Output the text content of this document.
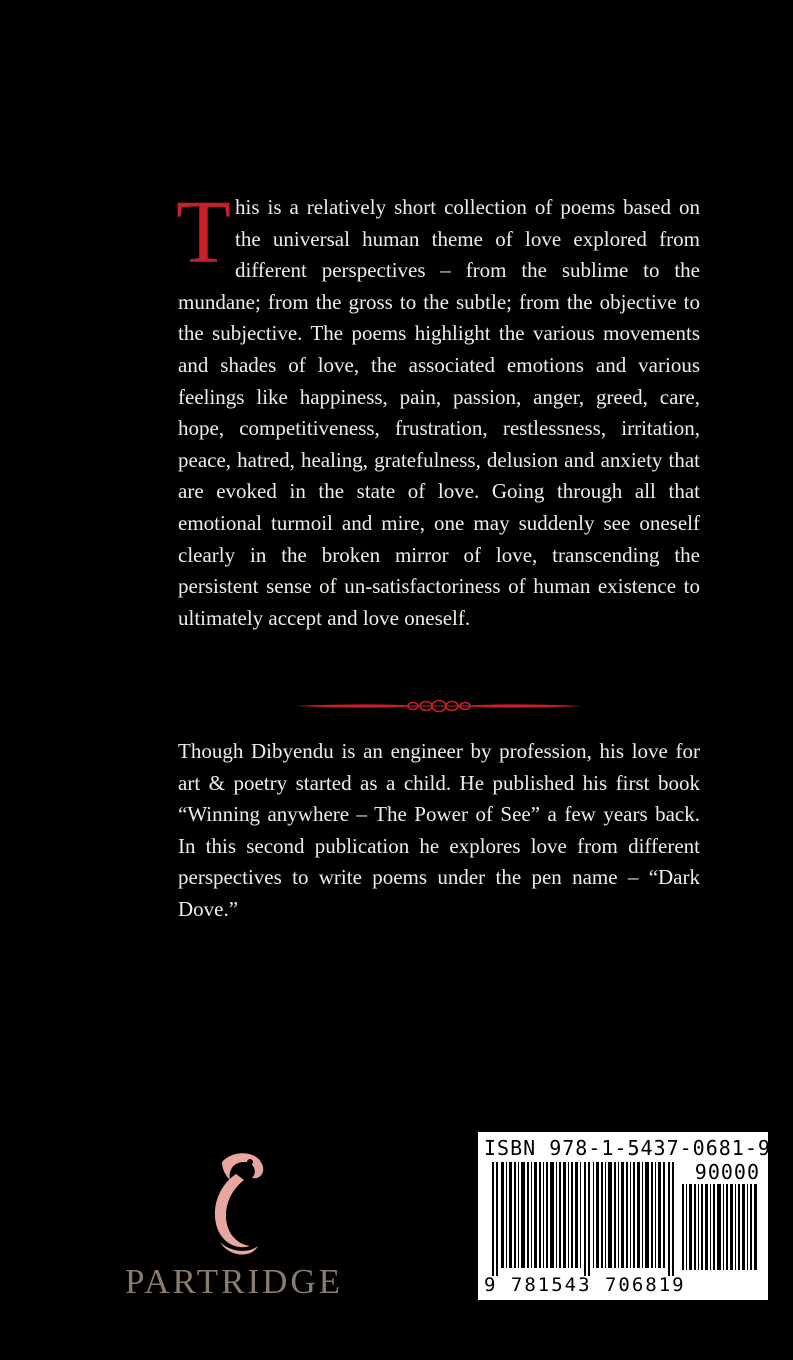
This is a relatively short collection of poems based on the universal human theme of love explored from different perspectives – from the sublime to the mundane; from the gross to the subtle; from the objective to the subjective. The poems highlight the various movements and shades of love, the associated emotions and various feelings like happiness, pain, passion, anger, greed, care, hope, competitiveness, frustration, restlessness, irritation, peace, hatred, healing, gratefulness, delusion and anxiety that are evoked in the state of love. Going through all that emotional turmoil and mire, one may suddenly see oneself clearly in the broken mirror of love, transcending the persistent sense of un-satisfactoriness of human existence to ultimately accept and love oneself.

Though Dibyendu is an engineer by profession, his love for art & poetry started as a child. He published his first book “Winning anywhere – The Power of See” a few years back. In this second publication he explores love from different perspectives to write poems under the pen name – “Dark Dove.”

PARTRIDGE
ISBN 978-1-5437-0681-9
90000
9 781543 706819
